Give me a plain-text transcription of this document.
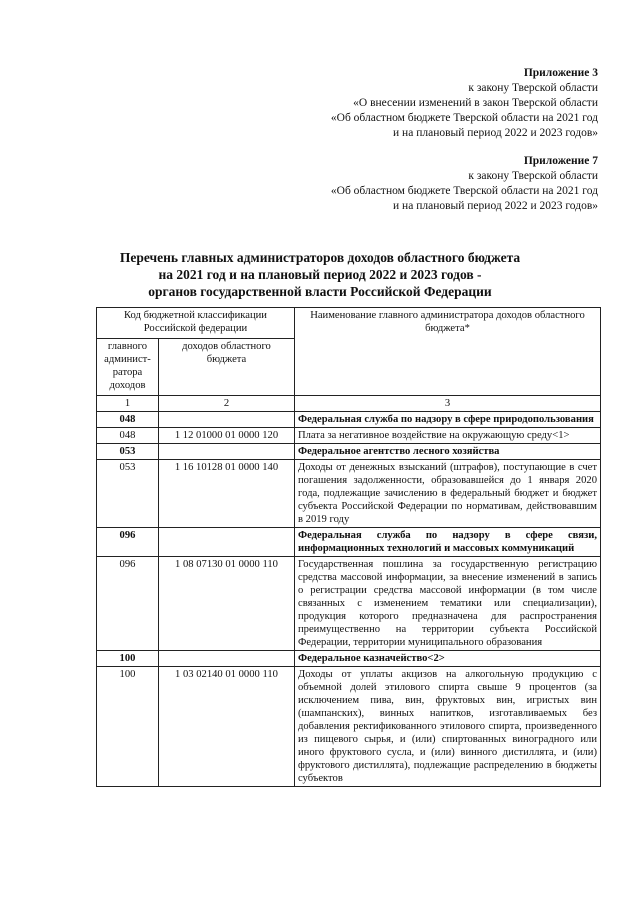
Приложение 3
к закону Тверской области
«О внесении изменений в закон Тверской области
«Об областном бюджете Тверской области на 2021 год
и на плановый период 2022 и 2023 годов»
Приложение 7
к закону Тверской области
«Об областном бюджете Тверской области на 2021 год
и на плановый период 2022 и 2023 годов»
Перечень главных администраторов доходов областного бюджета
на 2021 год и на плановый период 2022 и 2023 годов -
органов государственной власти Российской Федерации
Код бюджетной классификации Российской федерации		Наименование главного администратора доходов областного бюджета*
главного админист-ратора доходов	доходов областного бюджета	
1	2	3
048		Федеральная служба по надзору в сфере природопользования
048	1 12 01000 01 0000 120	Плата за негативное воздействие на окружающую среду<1>
053		Федеральное агентство лесного хозяйства
053	1 16 10128 01 0000 140	Доходы от денежных взысканий (штрафов), поступающие в счет погашения задолженности, образовавшейся до 1 января 2020 года, подлежащие зачислению в федеральный бюджет и бюджет субъекта Российской Федерации по нормативам, действовавшим в 2019 году
096		Федеральная служба по надзору в сфере связи, информационных технологий и массовых коммуникаций
096	1 08 07130 01 0000 110	Государственная пошлина за государственную регистрацию средства массовой информации, за внесение изменений в запись о регистрации средства массовой информации (в том числе связанных с изменением тематики или специализации), продукция которого предназначена для распространения преимущественно на территории субъекта Российской Федерации, территории муниципального образования
100		Федеральное казначейство<2>
100	1 03 02140 01 0000 110	Доходы от уплаты акцизов на алкогольную продукцию с объемной долей этилового спирта свыше 9 процентов (за исключением пива, вин, фруктовых вин, игристых вин (шампанских), винных напитков, изготавливаемых без добавления ректификованного этилового спирта, произведенного из пищевого сырья, и (или) спиртованных виноградного или иного фруктового сусла, и (или) винного дистиллята, и (или) фруктового дистиллята), подлежащие распределению в бюджеты субъектов
